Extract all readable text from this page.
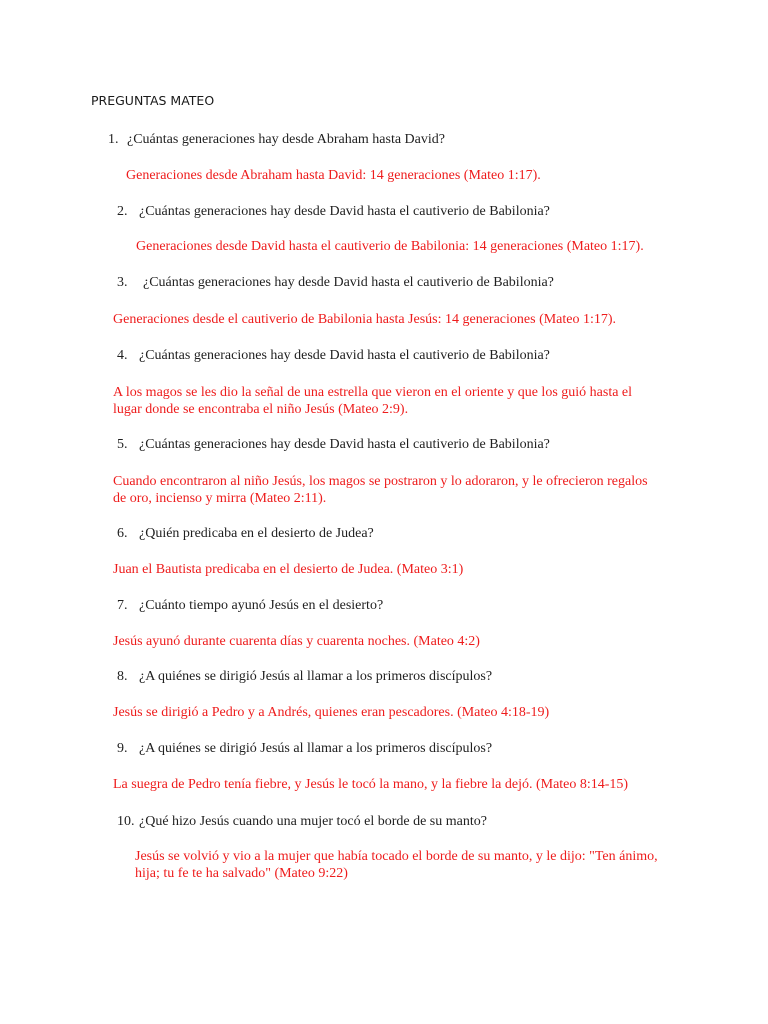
PREGUNTAS MATEO
1. ¿Cuántas generaciones hay desde Abraham hasta David?
Generaciones desde Abraham hasta David: 14 generaciones (Mateo 1:17).
2. ¿Cuántas generaciones hay desde David hasta el cautiverio de Babilonia?
Generaciones desde David hasta el cautiverio de Babilonia: 14 generaciones (Mateo 1:17).
3. ¿Cuántas generaciones hay desde David hasta el cautiverio de Babilonia?
Generaciones desde el cautiverio de Babilonia hasta Jesús: 14 generaciones (Mateo 1:17).
4. ¿Cuántas generaciones hay desde David hasta el cautiverio de Babilonia?
A los magos se les dio la señal de una estrella que vieron en el oriente y que los guió hasta el lugar donde se encontraba el niño Jesús (Mateo 2:9).
5. ¿Cuántas generaciones hay desde David hasta el cautiverio de Babilonia?
Cuando encontraron al niño Jesús, los magos se postraron y lo adoraron, y le ofrecieron regalos de oro, incienso y mirra (Mateo 2:11).
6. ¿Quién predicaba en el desierto de Judea?
Juan el Bautista predicaba en el desierto de Judea. (Mateo 3:1)
7. ¿Cuánto tiempo ayunó Jesús en el desierto?
Jesús ayunó durante cuarenta días y cuarenta noches. (Mateo 4:2)
8. ¿A quiénes se dirigió Jesús al llamar a los primeros discípulos?
Jesús se dirigió a Pedro y a Andrés, quienes eran pescadores. (Mateo 4:18-19)
9. ¿A quiénes se dirigió Jesús al llamar a los primeros discípulos?
La suegra de Pedro tenía fiebre, y Jesús le tocó la mano, y la fiebre la dejó. (Mateo 8:14-15)
10. ¿Qué hizo Jesús cuando una mujer tocó el borde de su manto?
Jesús se volvió y vio a la mujer que había tocado el borde de su manto, y le dijo: "Ten ánimo, hija; tu fe te ha salvado" (Mateo 9:22)
